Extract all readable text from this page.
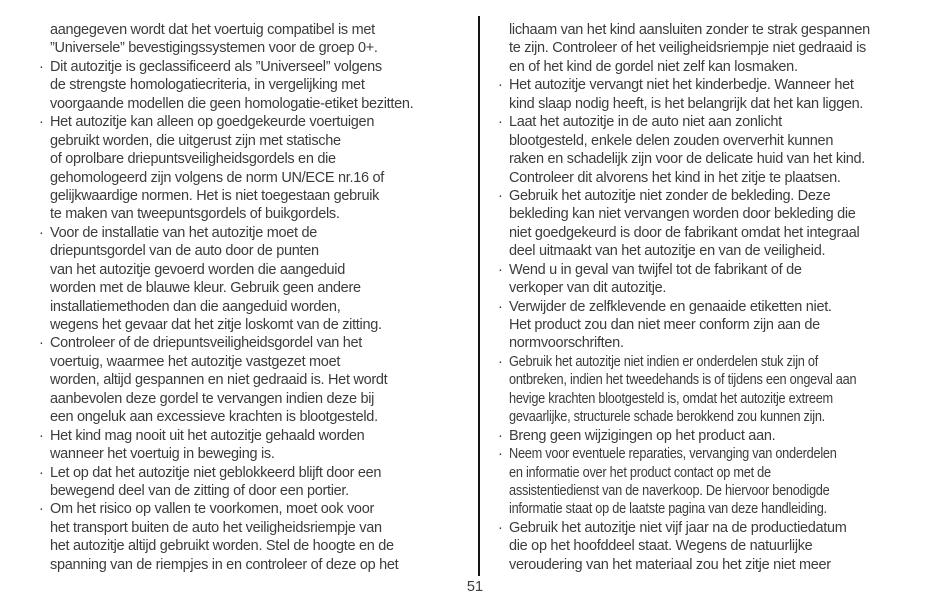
aangegeven wordt dat het voertuig compatibel is met
”Universele” bevestigingssystemen voor de groep 0+.
· Dit autozitje is geclassificeerd als ”Universeel” volgens
de strengste homologatiecriteria, in vergelijking met
voorgaande modellen die geen homologatie-etiket bezitten.
· Het autozitje kan alleen op goedgekeurde voertuigen
gebruikt worden, die uitgerust zijn met statische
of oprolbare driepuntsveiligheidsgordels en die
gehomologeerd zijn volgens de norm UN/ECE nr.16 of
gelijkwaardige normen. Het is niet toegestaan gebruik
te maken van tweepuntsgordels of buikgordels.
· Voor de installatie van het autozitje moet de
driepuntsgordel van de auto door de punten
van het autozitje gevoerd worden die aangeduid
worden met de blauwe kleur. Gebruik geen andere
installatiemethoden dan die aangeduid worden,
wegens het gevaar dat het zitje loskomt van de zitting.
· Controleer of de driepuntsveiligheidsgordel van het
voertuig, waarmee het autozitje vastgezet moet
worden, altijd gespannen en niet gedraaid is. Het wordt
aanbevolen deze gordel te vervangen indien deze bij
een ongeluk aan excessieve krachten is blootgesteld.
· Het kind mag nooit uit het autozitje gehaald worden
wanneer het voertuig in beweging is.
· Let op dat het autozitje niet geblokkeerd blijft door een
bewegend deel van de zitting of door een portier.
· Om het risico op vallen te voorkomen, moet ook voor
het transport buiten de auto het veiligheidsriempje van
het autozitje altijd gebruikt worden. Stel de hoogte en de
spanning van de riempjes in en controleer of deze op het
lichaam van het kind aansluiten zonder te strak gespannen
te zijn. Controleer of het veiligheidsriempje niet gedraaid is
en of het kind de gordel niet zelf kan losmaken.
· Het autozitje vervangt niet het kinderbedje. Wanneer het
kind slaap nodig heeft, is het belangrijk dat het kan liggen.
· Laat het autozitje in de auto niet aan zonlicht
blootgesteld, enkele delen zouden oververhit kunnen
raken en schadelijk zijn voor de delicate huid van het kind.
Controleer dit alvorens het kind in het zitje te plaatsen.
· Gebruik het autozitje niet zonder de bekleding. Deze
bekleding kan niet vervangen worden door bekleding die
niet goedgekeurd is door de fabrikant omdat het integraal
deel uitmaakt van het autozitje en van de veiligheid.
· Wend u in geval van twijfel tot de fabrikant of de
verkoper van dit autozitje.
· Verwijder de zelfklevende en genaaide etiketten niet.
Het product zou dan niet meer conform zijn aan de
normvoorschriften.
· Gebruik het autozitje niet indien er onderdelen stuk zijn of
ontbreken, indien het tweedehands is of tijdens een ongeval aan
hevige krachten blootgesteld is, omdat het autozitje extreem
gevaarlijke, structurele schade berokkend zou kunnen zijn.
· Breng geen wijzigingen op het product aan.
· Neem voor eventuele reparaties, vervanging van onderdelen
en informatie over het product contact op met de
assistentiedienst van de naverkoop. De hiervoor benodigde
informatie staat op de laatste pagina van deze handleiding.
· Gebruik het autozitje niet vijf jaar na de productiedatum
die op het hoofddeel staat. Wegens de natuurlijke
veroudering van het materiaal zou het zitje niet meer
51
